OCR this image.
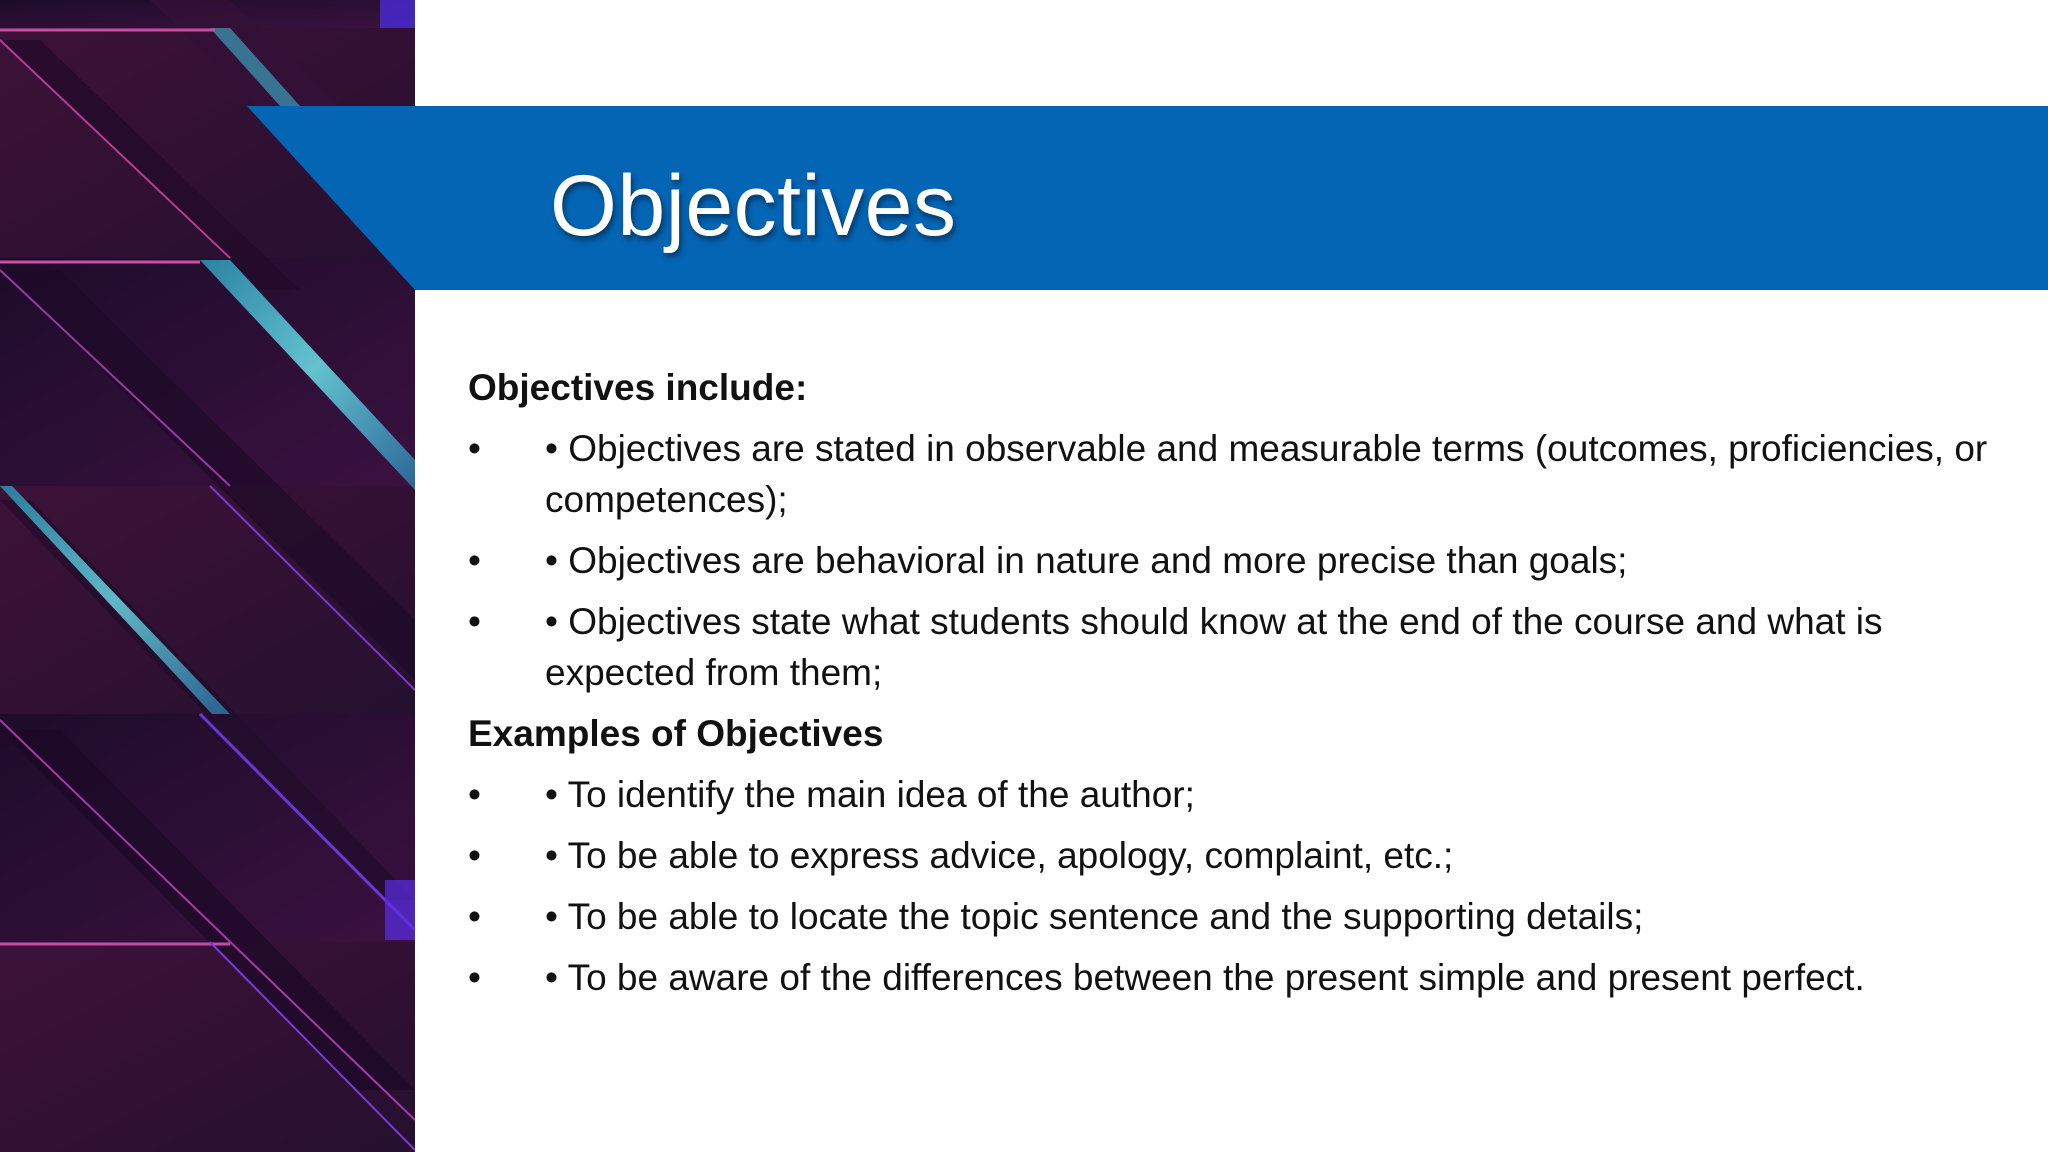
Objectives
Objectives include:
•	• Objectives are stated in observable and measurable terms (outcomes, proficiencies, or competences);
•	• Objectives are behavioral in nature and more precise than goals;
•	• Objectives state what students should know at the end of the course and what is expected from them;
Examples of Objectives
•	• To identify the main idea of the author;
•	• To be able to express advice, apology, complaint, etc.;
•	• To be able to locate the topic sentence and the supporting details;
•	• To be aware of the differences between the present simple and present perfect.
